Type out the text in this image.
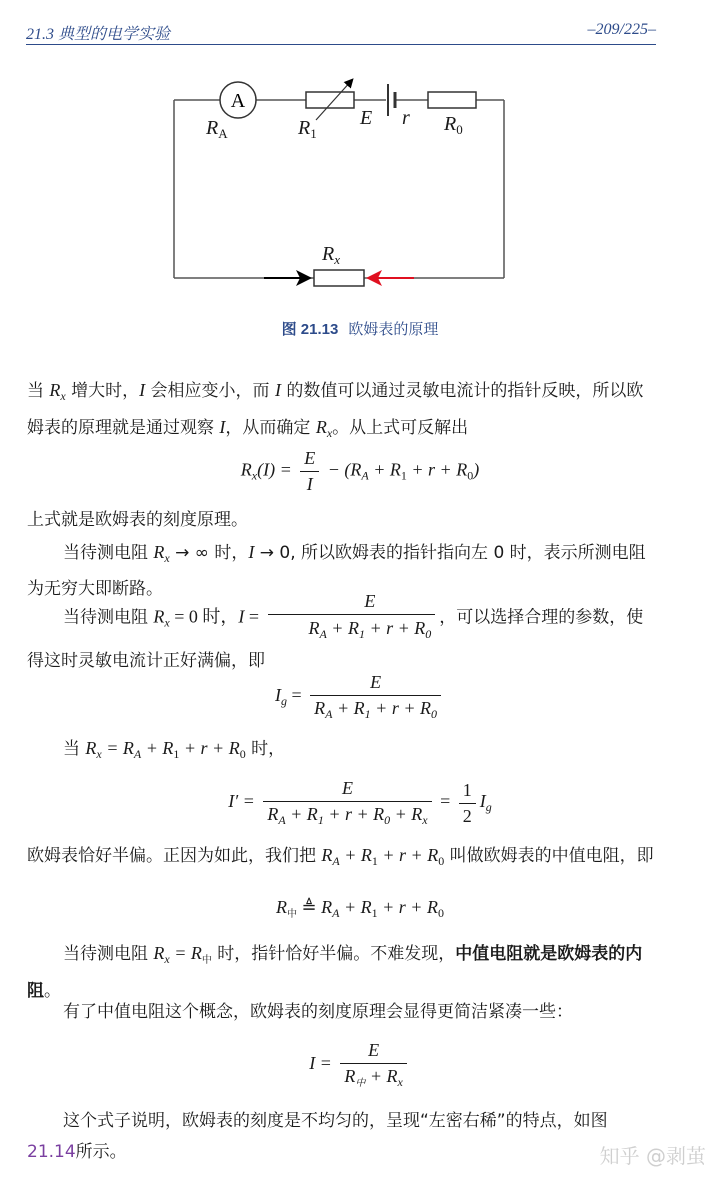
21.3 典型的电学实验	–209/225–
A
$R_A$	$R_1$
E r $R_0$
$R_x$
图 21.13 欧姆表的原理
当 $R_x$ 增大时，I 会相应变小，而 I 的数值可以通过灵敏电流计的指针反映，所以欧姆表的原理就是通过观察 I，从而确定 $R_x$。从上式可反解出
$R_x(I) = \frac{E}{I} - (R_A + R_1 + r + R_0)$
上式就是欧姆表的刻度原理。
当待测电阻 $R_x$ → ∞ 时，I → 0, 所以欧姆表的指针指向左 0 时，表示所测电阻为无穷大即断路。
当待测电阻 $R_x = 0$ 时，$I = \frac{E}{R_A + R_1 + r + R_0}$ ，可以选择合理的参数，使得这时灵敏电流计正好满偏，即
$I_g = \frac{E}{R_A + R_1 + r + R_0}$
当 $R_x = R_A + R_1 + r + R_0$ 时，
$I' = \frac{E}{R_A + R_1 + r + R_0 + R_x} = \frac{1}{2} I_g$
欧姆表恰好半偏。正因为如此，我们把 $R_A + R_1 + r + R_0$ 叫做欧姆表的中值电阻，即
$R_中$ ≜ $R_A + R_1 + r + R_0$
当待测电阻 $R_x = R_中$ 时，指针恰好半偏。不难发现，中值电阻就是欧姆表的内阻。
有了中值电阻这个概念，欧姆表的刻度原理会显得更简洁紧凑一些：
$I = \frac{E}{R_中 + R_x}$
这个式子说明，欧姆表的刻度是不均匀的，呈现“左密右稀”的特点，如图21.14所示。	知乎 @剥茧
